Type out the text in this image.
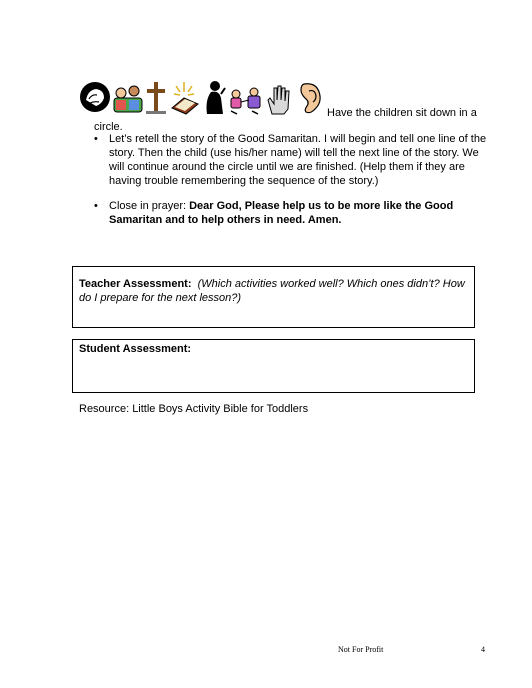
Have the children sit down in a
circle.
• Let’s retell the story of the Good Samaritan. I will begin and tell one line of the story. Then the child (use his/her name) will tell the next line of the story. We will continue around the circle until we are finished. (Help them if they are having trouble remembering the sequence of the story.)
• Close in prayer: Dear God, Please help us to be more like the Good Samaritan and to help others in need. Amen.
Teacher Assessment: (Which activities worked well? Which ones didn’t? How do I prepare for the next lesson?)
Student Assessment:
Resource: Little Boys Activity Bible for Toddlers
Not For Profit	4
